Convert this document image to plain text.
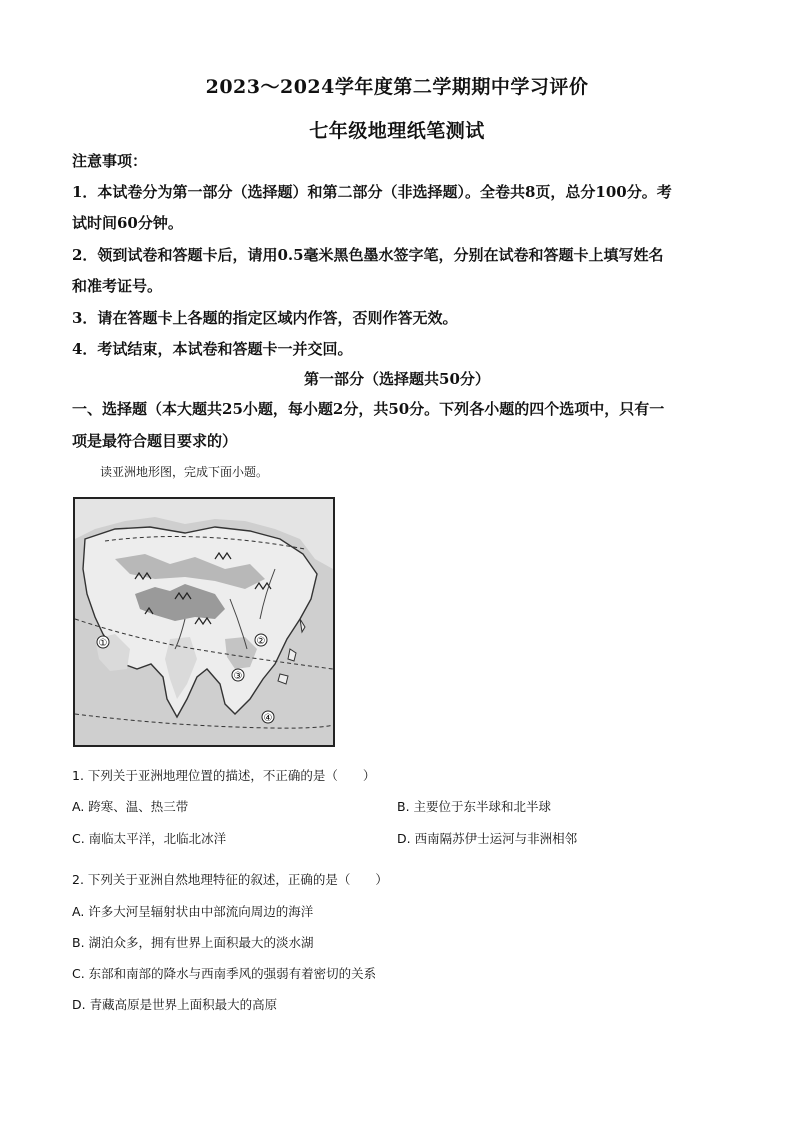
2023～2024学年度第二学期期中学习评价
七年级地理纸笔测试
注意事项：
1．本试卷分为第一部分（选择题）和第二部分（非选择题）。全卷共8页，总分100分。考
试时间60分钟。
2．领到试卷和答题卡后，请用0.5毫米黑色墨水签字笔，分别在试卷和答题卡上填写姓名
和准考证号。
3．请在答题卡上各题的指定区域内作答，否则作答无效。
4．考试结束，本试卷和答题卡一并交回。
第一部分（选择题共50分）
一、选择题（本大题共25小题，每小题2分，共50分。下列各小题的四个选项中，只有一
项是最符合题目要求的）
读亚洲地形图，完成下面小题。
①	②
③
④
1. 下列关于亚洲地理位置的描述，不正确的是（　　）
A. 跨寒、温、热三带	B. 主要位于东半球和北半球
C. 南临太平洋，北临北冰洋	D. 西南隔苏伊士运河与非洲相邻
2. 下列关于亚洲自然地理特征的叙述，正确的是（　　）
A. 许多大河呈辐射状由中部流向周边的海洋
B. 湖泊众多，拥有世界上面积最大的淡水湖
C. 东部和南部的降水与西南季风的强弱有着密切的关系
D. 青藏高原是世界上面积最大的高原
